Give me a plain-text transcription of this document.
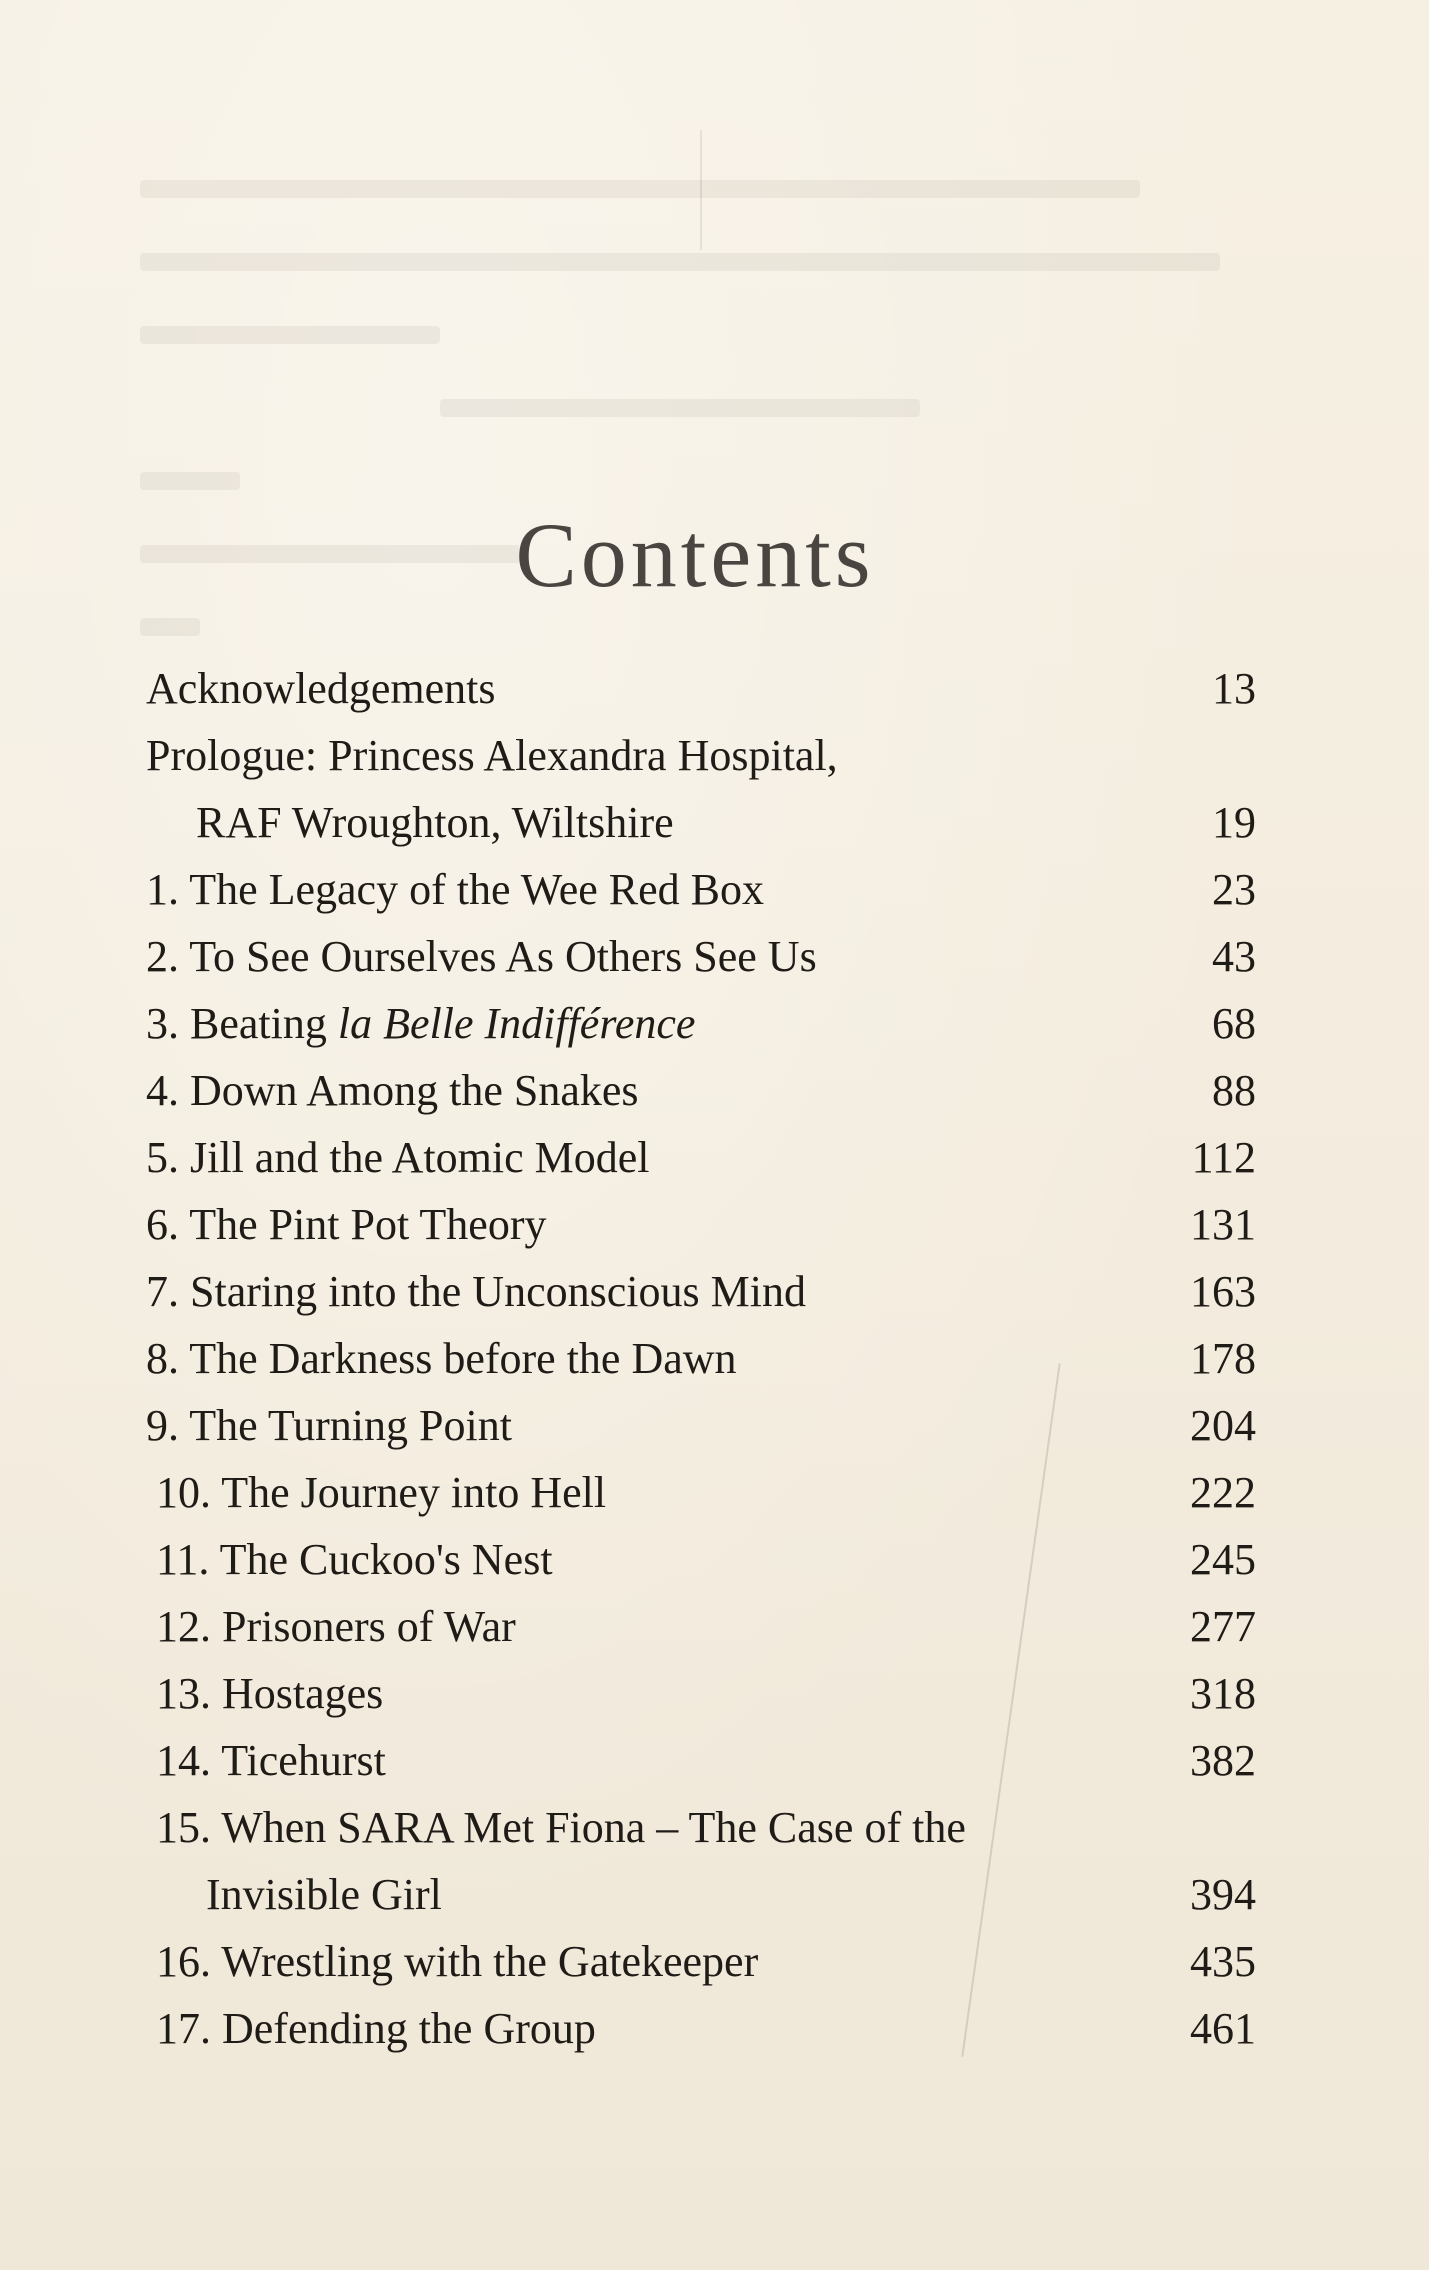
Contents
Acknowledgements	13
Prologue: Princess Alexandra Hospital,
RAF Wroughton, Wiltshire	19
1. The Legacy of the Wee Red Box	23
2. To See Ourselves As Others See Us	43
3. Beating la Belle Indifférence	68
4. Down Among the Snakes	88
5. Jill and the Atomic Model	112
6. The Pint Pot Theory	131
7. Staring into the Unconscious Mind	163
8. The Darkness before the Dawn	178
9. The Turning Point	204
10. The Journey into Hell	222
11. The Cuckoo's Nest	245
12. Prisoners of War	277
13. Hostages	318
14. Ticehurst	382
15. When SARA Met Fiona – The Case of the
Invisible Girl	394
16. Wrestling with the Gatekeeper	435
17. Defending the Group	461
